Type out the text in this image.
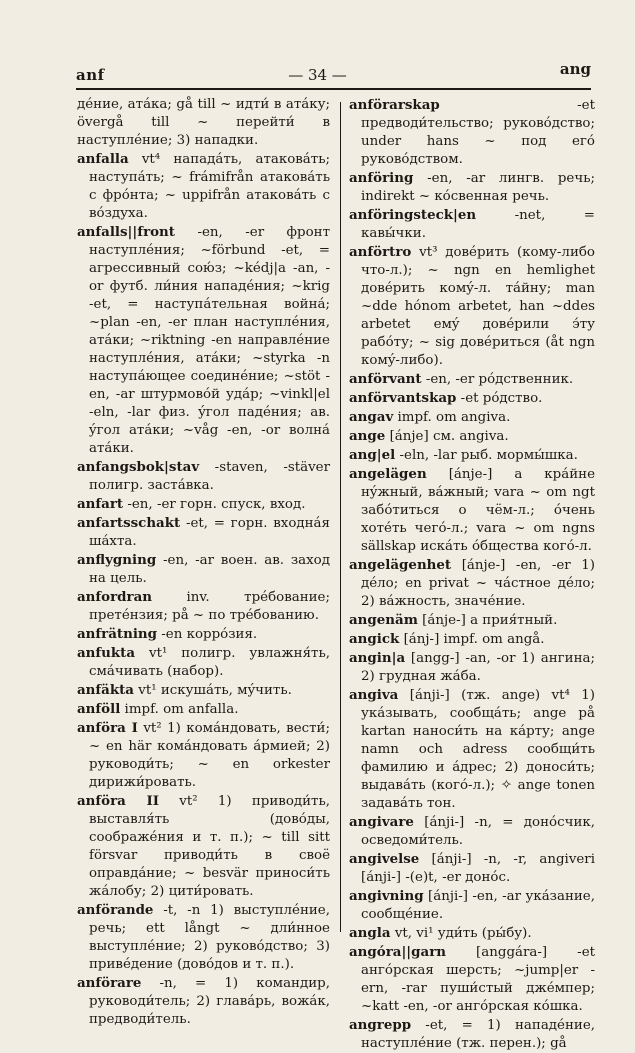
anf	— 34 —	ang

дéние, атáка; gå till ~ идти́ в атáку; övergå till ~ перейти́ в наступлéние; 3) нападки.

anfalla vt⁴ нападáть, атаковáть; наступáть; ~ frámifrån атаковáть с фрóнта; ~ uppifrån атаковáть с вóздуха.

anfalls||front -en, -er фронт наступлéния; ~förbund -et, = агрессивный сою́з; ~kédj|a -an, -or футб. ли́ния нападéния; ~krig -et, = наступáтельная войнá; ~plan -en, -er план наступлéния, атáки; ~riktning -en направлéние наступлéния, атáки; ~styrka -n наступáющее соединéние; ~stöt -en, -ar штурмовóй удáр; ~vinkl|el -eln, -lar физ. ýгол падéния; ав. ýгол атáки; ~våg -en, -or волнá атáки.

anfangsbok|stav -staven, -stäver полигр. застáвка.

anfart -en, -er горн. спуск, вход.

anfartsschakt -et, = горн. входнáя шáхта.

anflygning -en, -ar воен. ав. заход на цель.

anfordran	inv. трéбование; претéнзия; på ~ по трéбованию.

anfrätning -en коррóзия.

anfukta vt¹ полигр. увлажня́ть, смáчивать (набор).

anfäkta vt¹ искушáть, мýчить.

anföll impf. om anfalla.

anföra I vt² 1) комáндовать, вести́; ~ en här комáндовать áрмией; 2) руководи́ть; ~ en orkester дирижи́ровать.

anföra II vt² 1) приводи́ть, выставля́ть (довóды, соображéния и т. п.); ~ till sitt försvar приводи́ть в своё оправдáние; ~ besvär приноси́ть жáлобу; 2) цити́ровать.

anförande -t, -n 1) выступлéние, речь; ett långt ~ дли́нное выступлéние; 2) руковóдство; 3) привéдение (довóдов и т. п.).

anförare -n, = 1) командир, руководи́тель; 2) главáрь, вожáк, предводи́тель.

anförarskap	-et предводи́тельство; руковóдство; under hans ~ под егó руковóдством.

anföring -en, -ar лингв. речь; indirekt ~ кóсвенная речь.

anföringsteck|en	-net, = кавы́чки.

anförtro vt³ довéрить (кому-либо что-л.); ~ ngn en hemlighet довéрить комý-л. тáйну; man ~dde hónom arbetet, han ~ddes arbetet емý довéрили э́ту рабóту; ~ sig довéриться (åt ngn комý-либо).

anförvant -en, -er рóдственник.

anförvantskap -et рóдство.

angav impf. om angiva.

ange [ánje] см. angiva.

ang|el -eln, -lar рыб. мормы́шка.

angelägen [ánje-] a крáйне нýжный, вáжный; vara ~ om ngt забóтиться о чём-л.; óчень хотéть чегó-л.; vara ~ om ngns sällskap искáть óбщества когó-л.

angelägenhet [ánje-] -en, -er 1) дéло; en privat ~ чáстное дéло; 2) вáжность, значéние.

angenäm [ánje-] a прия́тный.

angick [ánj-] impf. om angå.

angin|a [angg-] -an, -or 1) ангина; 2) грудная жáба.

angiva [ánji-] (тж. ange) vt⁴ 1) укáзывать, сообщáть; ange på kartan наноси́ть на кáрту; ange namn och adress сообщи́ть фамилию и áдрес; 2) доноси́ть; выдавáть (когó-л.); ✧ ange tonen задавáть тон.

angivare [ánji-] -n, = донóсчик, осведоми́тель.

angivelse [ánji-] -n, -r, angiveri [ánji-] -(e)t, -er донóс.

angivning [ánji-] -en, -ar укáзание, сообщéние.

angla vt, vi¹ уди́ть (ры́бу).

angóra||garn [anggára-] -et ангóрская шерсть; ~jump|er -ern, -rar пуши́стый джéмпер; ~katt -en, -or ангóрская кóшка.

angrepp -et, = 1) нападéние, наступлéние (тж. перен.); gå
